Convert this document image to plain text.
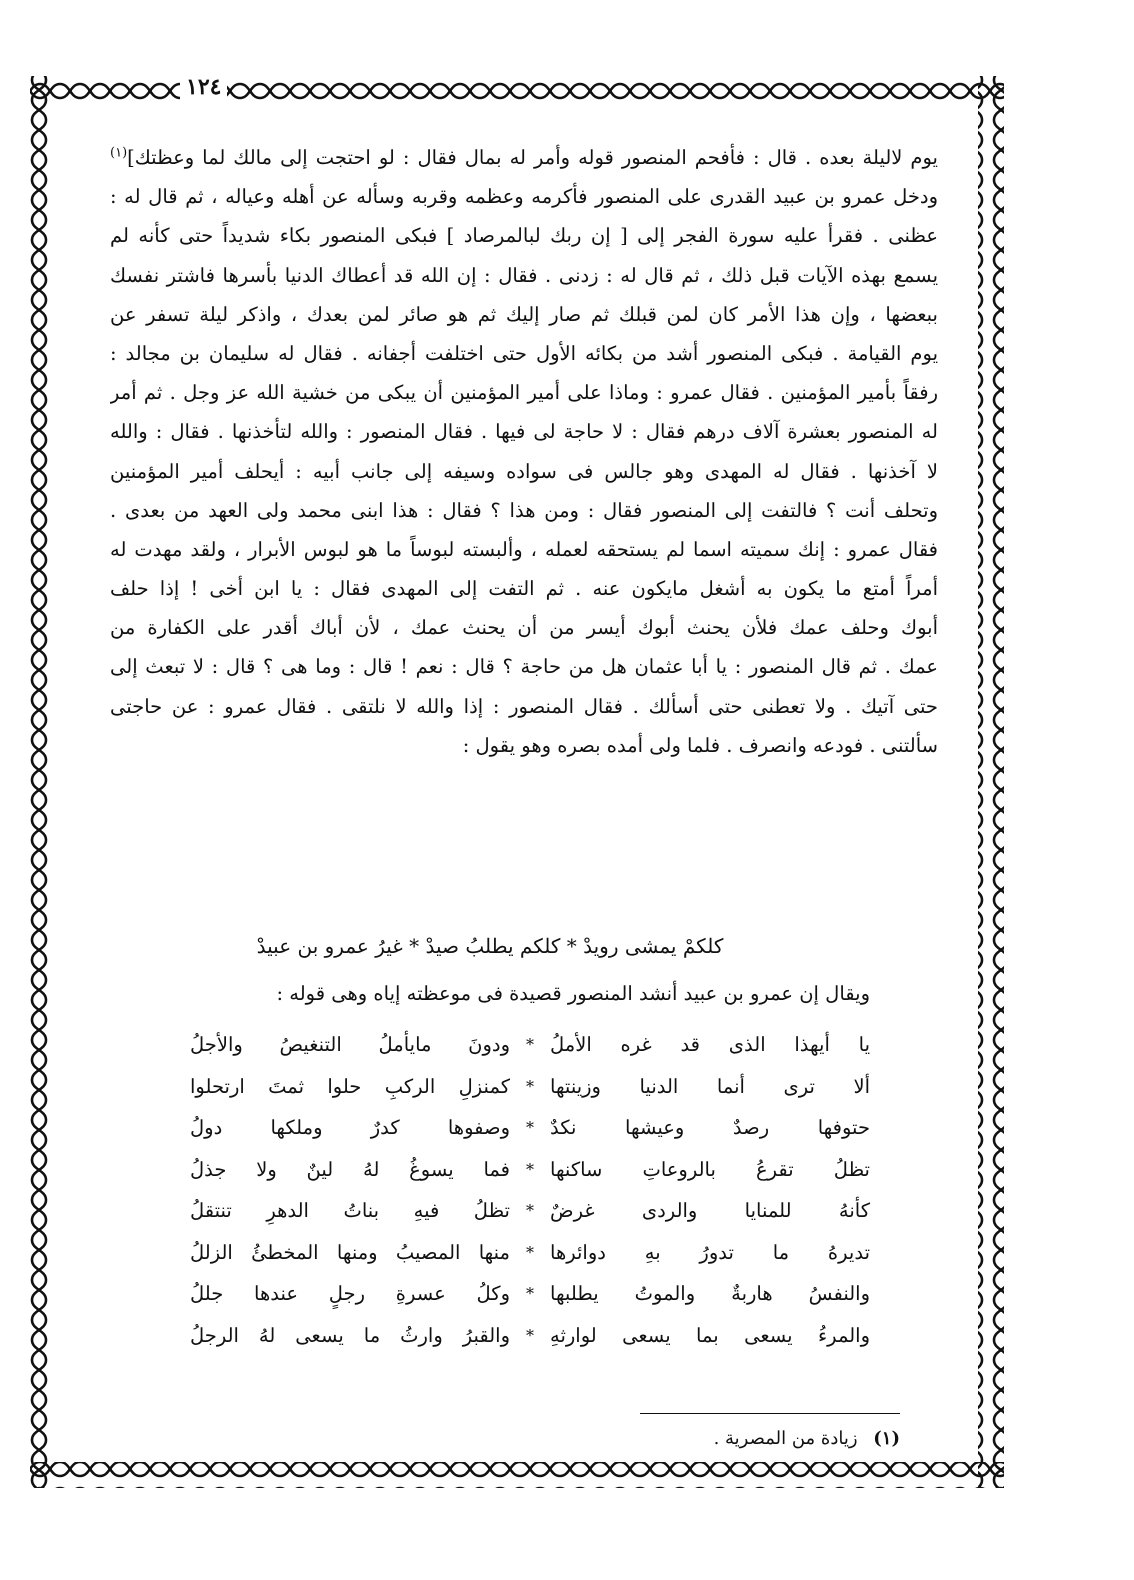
١٢٤
يوم لاليلة بعده . قال : فأفحم المنصور قوله وأمر له بمال فقال : لو احتجت إلى مالك لما وعظتك]$^{(١)}$
ودخل عمرو بن عبيد القدرى على المنصور فأكرمه وعظمه وقربه وسأله عن أهله وعياله ، ثم قال له :
عظنى . فقرأ عليه سورة الفجر إلى [ إن ربك لبالمرصاد ] فبكى المنصور بكاء شديداً حتى كأنه لم
يسمع بهذه الآيات قبل ذلك ، ثم قال له : زدنى . فقال : إن الله قد أعطاك الدنيا بأسرها فاشتر نفسك
ببعضها ، وإن هذا الأمر كان لمن قبلك ثم صار إليك ثم هو صائر لمن بعدك ، واذكر ليلة تسفر عن
يوم القيامة . فبكى المنصور أشد من بكائه الأول حتى اختلفت أجفانه . فقال له سليمان بن مجالد :
رفقاً بأمير المؤمنين . فقال عمرو : وماذا على أمير المؤمنين أن يبكى من خشية الله عز وجل . ثم أمر
له المنصور بعشرة آلاف درهم فقال : لا حاجة لى فيها . فقال المنصور : والله لتأخذنها . فقال : والله
لا آخذنها . فقال له المهدى وهو جالس فى سواده وسيفه إلى جانب أبيه : أيحلف أمير المؤمنين
وتحلف أنت ؟ فالتفت إلى المنصور فقال : ومن هذا ؟ فقال : هذا ابنى محمد ولى العهد من بعدى .
فقال عمرو : إنك سميته اسما لم يستحقه لعمله ، وألبسته لبوساً ما هو لبوس الأبرار ، ولقد مهدت له
أمراً أمتع ما يكون به أشغل مايكون عنه . ثم التفت إلى المهدى فقال : يا ابن أخى ! إذا حلف
أبوك وحلف عمك فلأن يحنث أبوك أيسر من أن يحنث عمك ، لأن أباك أقدر على الكفارة من
عمك . ثم قال المنصور : يا أبا عثمان هل من حاجة ؟ قال : نعم ! قال : وما هى ؟ قال : لا تبعث إلى
حتى آتيك . ولا تعطنى حتى أسألك . فقال المنصور : إذا والله لا نلتقى . فقال عمرو : عن حاجتى
سألتنى . فودعه وانصرف . فلما ولى أمده بصره وهو يقول :
كلكمْ يمشى رويدْ * كلكم يطلبُ صيدْ * غيرُ عمرو بن عبيدْ
ويقال إن عمرو بن عبيد أنشد المنصور قصيدة فى موعظته إياه وهى قوله :
يا أيهذا الذى قد غره الأملُ
*
ودونَ مايأملُ التنغيصُ والأجلُ
ألا ترى أنما الدنيا وزينتها
*
كمنزلِ الركبِ حلوا ثمتَ ارتحلوا
حتوفها رصدٌ وعيشها نكدٌ
*
وصفوها كدرٌ وملكها دولُ
تظلُ تقرعُ بالروعاتِ ساكنها
*
فما يسوغُ لهُ لينٌ ولا جذلُ
كأنهُ للمنايا والردى غرضٌ
*
تظلُ فيهِ بناتُ الدهرِ تنتقلُ
تديرهُ ما تدورُ بهِ دوائرها
*
منها المصيبُ ومنها المخطئُ الزللُ
والنفسُ هاربةٌ والموتُ يطلبها
*
وكلُ عسرةِ رجلٍ عندها جللُ
والمرءُ يسعى بما يسعى لوارثهِ
*
والقبرُ وارثُ ما يسعى لهُ الرجلُ
(١) زيادة من المصرية .
